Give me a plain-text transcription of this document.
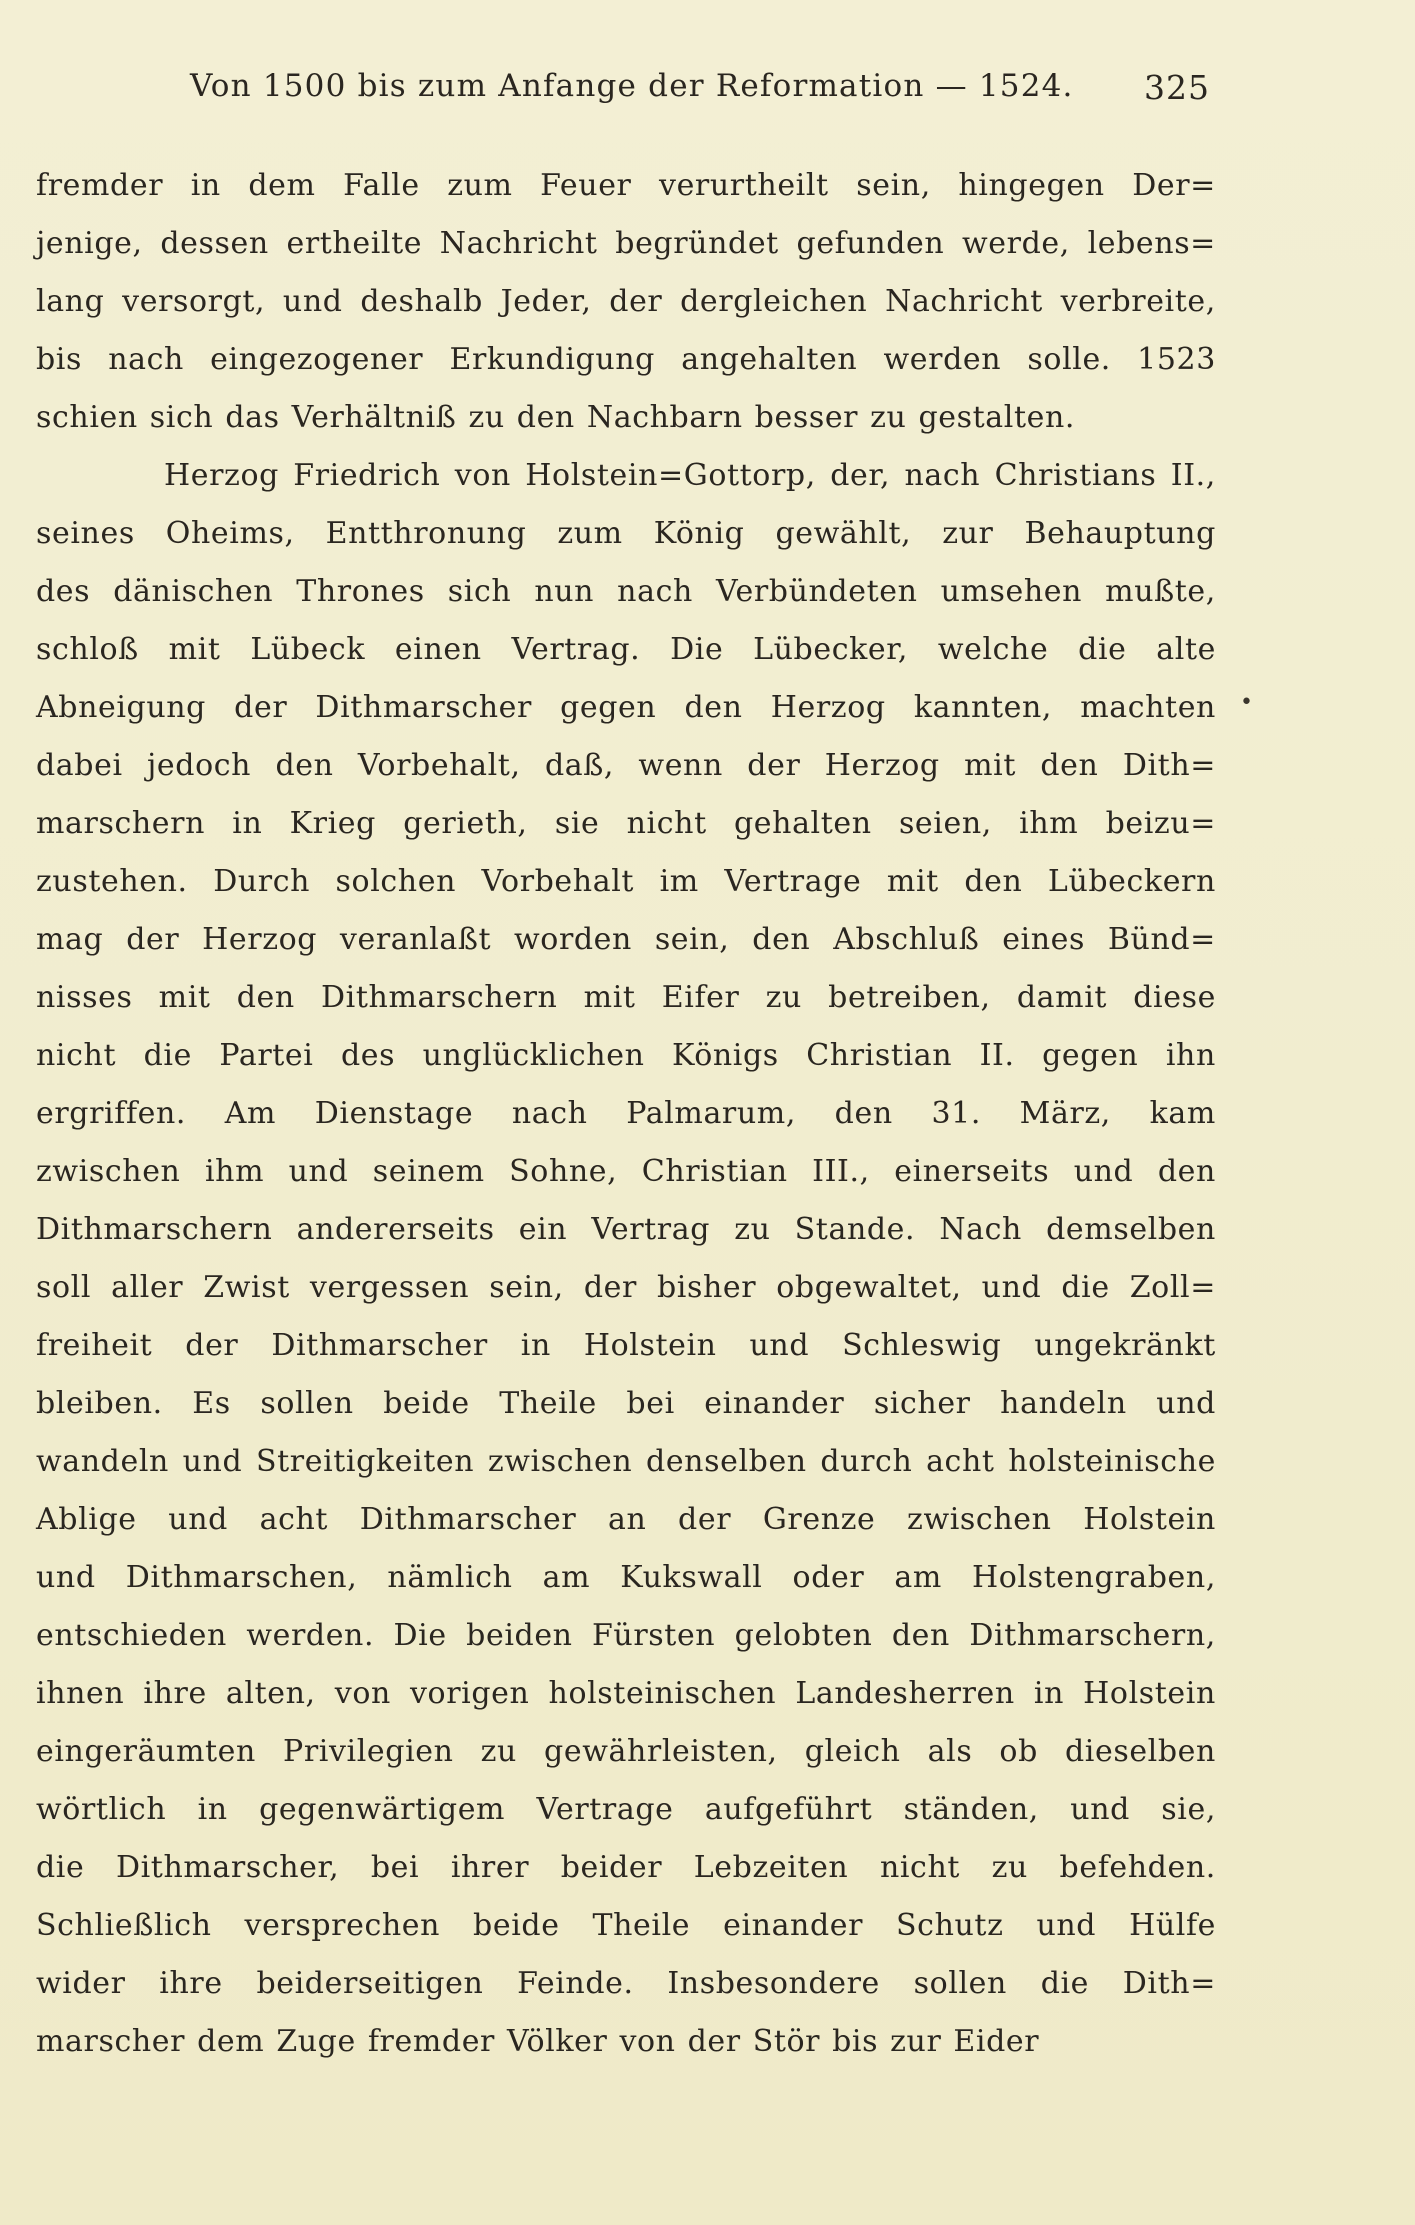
Von 1500 bis zum Anfange der Reformation — 1524. 325
fremder in dem Falle zum Feuer verurtheilt sein, hingegen Der=
jenige, dessen ertheilte Nachricht begründet gefunden werde, lebens=
lang versorgt, und deshalb Jeder, der dergleichen Nachricht verbreite,
bis nach eingezogener Erkundigung angehalten werden solle. 1523
schien sich das Verhältniß zu den Nachbarn besser zu gestalten.
Herzog Friedrich von Holstein=Gottorp, der, nach Christians II.,
seines Oheims, Entthronung zum König gewählt, zur Behauptung
des dänischen Thrones sich nun nach Verbündeten umsehen mußte,
schloß mit Lübeck einen Vertrag. Die Lübecker, welche die alte
Abneigung der Dithmarscher gegen den Herzog kannten, machten
dabei jedoch den Vorbehalt, daß, wenn der Herzog mit den Dith=
marschern in Krieg gerieth, sie nicht gehalten seien, ihm beizu=
zustehen. Durch solchen Vorbehalt im Vertrage mit den Lübeckern
mag der Herzog veranlaßt worden sein, den Abschluß eines Bünd=
nisses mit den Dithmarschern mit Eifer zu betreiben, damit diese
nicht die Partei des unglücklichen Königs Christian II. gegen ihn
ergriffen. Am Dienstage nach Palmarum, den 31. März, kam
zwischen ihm und seinem Sohne, Christian III., einerseits und den
Dithmarschern andererseits ein Vertrag zu Stande. Nach demselben
soll aller Zwist vergessen sein, der bisher obgewaltet, und die Zoll=
freiheit der Dithmarscher in Holstein und Schleswig ungekränkt
bleiben. Es sollen beide Theile bei einander sicher handeln und
wandeln und Streitigkeiten zwischen denselben durch acht holsteinische
Ablige und acht Dithmarscher an der Grenze zwischen Holstein
und Dithmarschen, nämlich am Kukswall oder am Holstengraben,
entschieden werden. Die beiden Fürsten gelobten den Dithmarschern,
ihnen ihre alten, von vorigen holsteinischen Landesherren in Holstein
eingeräumten Privilegien zu gewährleisten, gleich als ob dieselben
wörtlich in gegenwärtigem Vertrage aufgeführt ständen, und sie,
die Dithmarscher, bei ihrer beider Lebzeiten nicht zu befehden.
Schließlich versprechen beide Theile einander Schutz und Hülfe
wider ihre beiderseitigen Feinde. Insbesondere sollen die Dith=
marscher dem Zuge fremder Völker von der Stör bis zur Eider
•
